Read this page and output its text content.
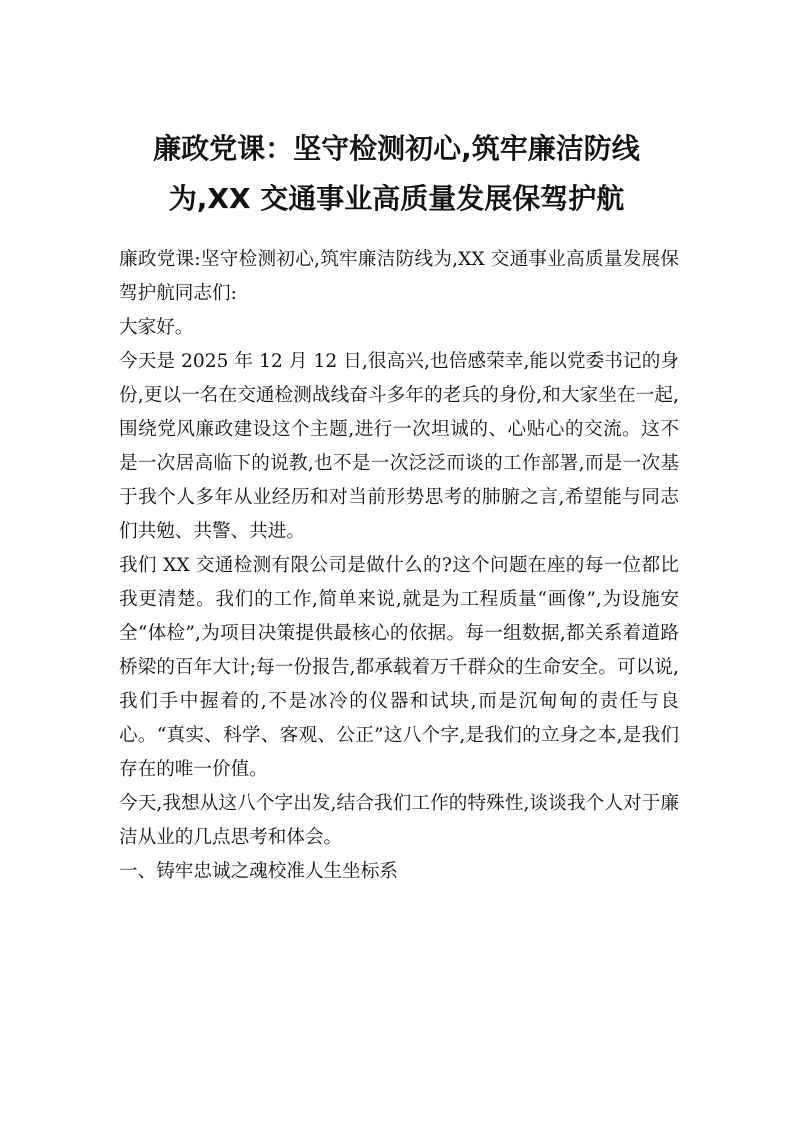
廉政党课：坚守检测初心,筑牢廉洁防线
为,XX 交通事业高质量发展保驾护航

廉政党课:坚守检测初心,筑牢廉洁防线为,XX 交通事业高质量发展保驾护航同志们:

大家好。

今天是 2025 年 12 月 12 日,很高兴,也倍感荣幸,能以党委书记的身份,更以一名在交通检测战线奋斗多年的老兵的身份,和大家坐在一起,围绕党风廉政建设这个主题,进行一次坦诚的、心贴心的交流。这不是一次居高临下的说教,也不是一次泛泛而谈的工作部署,而是一次基于我个人多年从业经历和对当前形势思考的肺腑之言,希望能与同志们共勉、共警、共进。

我们 XX 交通检测有限公司是做什么的?这个问题在座的每一位都比我更清楚。我们的工作,简单来说,就是为工程质量“画像”,为设施安全“体检”,为项目决策提供最核心的依据。每一组数据,都关系着道路桥梁的百年大计;每一份报告,都承载着万千群众的生命安全。可以说,我们手中握着的,不是冰冷的仪器和试块,而是沉甸甸的责任与良心。“真实、科学、客观、公正”这八个字,是我们的立身之本,是我们存在的唯一价值。

今天,我想从这八个字出发,结合我们工作的特殊性,谈谈我个人对于廉洁从业的几点思考和体会。

一、铸牢忠诚之魂校准人生坐标系
